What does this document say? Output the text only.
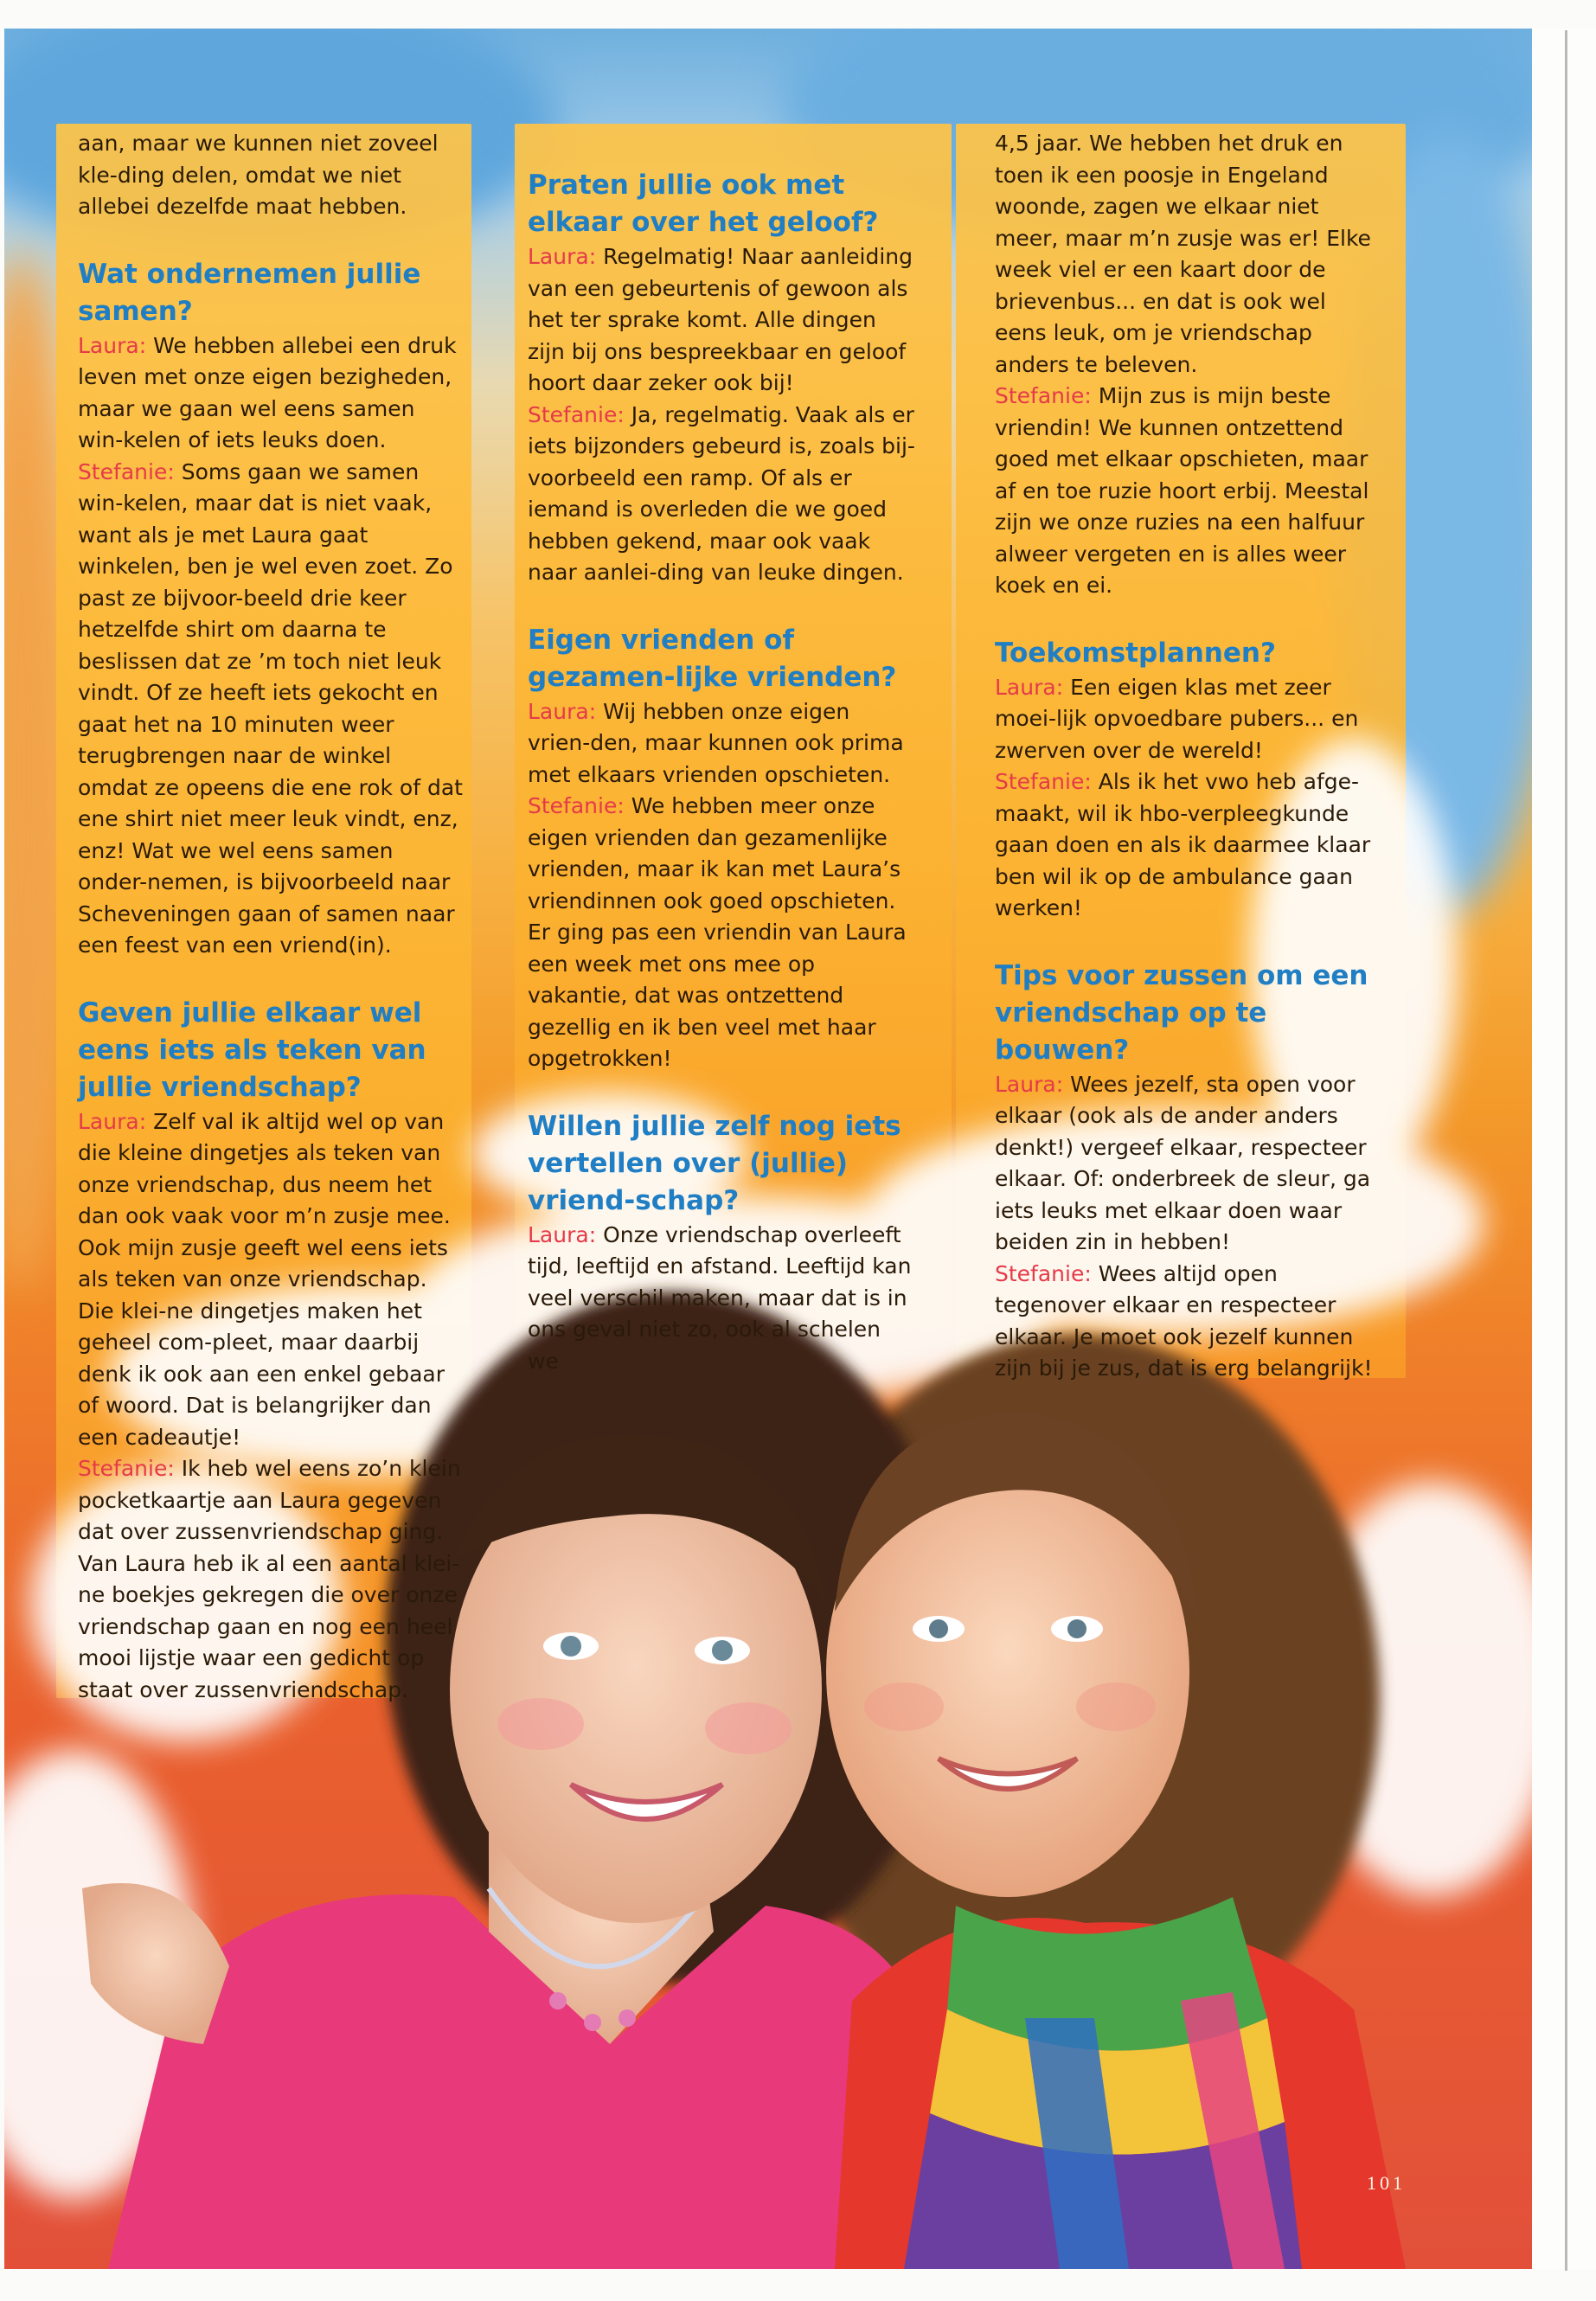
aan, maar we kunnen niet zoveel kle-ding delen, omdat we niet allebei dezelfde maat hebben.

Wat ondernemen jullie samen?

Laura: We hebben allebei een druk leven met onze eigen bezigheden, maar we gaan wel eens samen win-kelen of iets leuks doen.

Stefanie: Soms gaan we samen win-kelen, maar dat is niet vaak, want als je met Laura gaat winkelen, ben je wel even zoet. Zo past ze bijvoor-beeld drie keer hetzelfde shirt om daarna te beslissen dat ze ’m toch niet leuk vindt. Of ze heeft iets gekocht en gaat het na 10 minuten weer terugbrengen naar de winkel omdat ze opeens die ene rok of dat ene shirt niet meer leuk vindt, enz, enz! Wat we wel eens samen onder-nemen, is bijvoorbeeld naar Scheveningen gaan of samen naar een feest van een vriend(in).

Geven jullie elkaar wel eens iets als teken van jullie vriendschap?

Laura: Zelf val ik altijd wel op van die kleine dingetjes als teken van onze vriendschap, dus neem het dan ook vaak voor m’n zusje mee. Ook mijn zusje geeft wel eens iets als teken van onze vriendschap. Die klei-ne dingetjes maken het geheel com-pleet, maar daarbij denk ik ook aan een enkel gebaar of woord. Dat is belangrijker dan een cadeautje!

Stefanie: Ik heb wel eens zo’n klein pocketkaartje aan Laura gegeven dat over zussenvriendschap ging. Van Laura heb ik al een aantal klei-ne boekjes gekregen die over onze vriendschap gaan en nog een heel mooi lijstje waar een gedicht op staat over zussenvriendschap.

Praten jullie ook met elkaar over het geloof?

Laura: Regelmatig! Naar aanleiding van een gebeurtenis of gewoon als het ter sprake komt. Alle dingen zijn bij ons bespreekbaar en geloof hoort daar zeker ook bij!

Stefanie: Ja, regelmatig. Vaak als er iets bijzonders gebeurd is, zoals bij-voorbeeld een ramp. Of als er iemand is overleden die we goed hebben gekend, maar ook vaak naar aanlei-ding van leuke dingen.

Eigen vrienden of gezamen-lijke vrienden?

Laura: Wij hebben onze eigen vrien-den, maar kunnen ook prima met elkaars vrienden opschieten.

Stefanie: We hebben meer onze eigen vrienden dan gezamenlijke vrienden, maar ik kan met Laura’s vriendinnen ook goed opschieten. Er ging pas een vriendin van Laura een week met ons mee op vakantie, dat was ontzettend gezellig en ik ben veel met haar opgetrokken!

Willen jullie zelf nog iets vertellen over (jullie) vriend-schap?

Laura: Onze vriendschap overleeft tijd, leeftijd en afstand. Leeftijd kan veel verschil maken, maar dat is in ons geval niet zo, ook al schelen we

4,5 jaar. We hebben het druk en toen ik een poosje in Engeland woonde, zagen we elkaar niet meer, maar m’n zusje was er! Elke week viel er een kaart door de brievenbus... en dat is ook wel eens leuk, om je vriendschap anders te beleven.

Stefanie: Mijn zus is mijn beste vriendin! We kunnen ontzettend goed met elkaar opschieten, maar af en toe ruzie hoort erbij. Meestal zijn we onze ruzies na een halfuur alweer vergeten en is alles weer koek en ei.

Toekomstplannen?

Laura: Een eigen klas met zeer moei-lijk opvoedbare pubers... en zwerven over de wereld!

Stefanie: Als ik het vwo heb afge-maakt, wil ik hbo-verpleegkunde gaan doen en als ik daarmee klaar ben wil ik op de ambulance gaan werken!

Tips voor zussen om een vriendschap op te bouwen?

Laura: Wees jezelf, sta open voor elkaar (ook als de ander anders denkt!) vergeef elkaar, respecteer elkaar. Of: onderbreek de sleur, ga iets leuks met elkaar doen waar beiden zin in hebben!

Stefanie: Wees altijd open tegenover elkaar en respecteer elkaar. Je moet ook jezelf kunnen zijn bij je zus, dat is erg belangrijk!

101
